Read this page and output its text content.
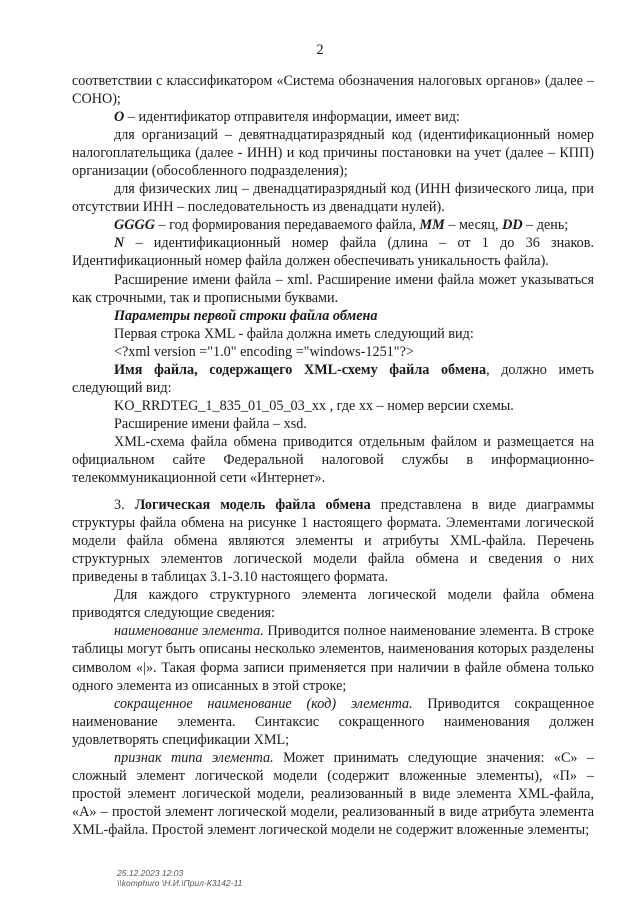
2

соответствии с классификатором «Система обозначения налоговых органов» (далее – СОНО);

O – идентификатор отправителя информации, имеет вид:

для организаций – девятнадцатиразрядный код (идентификационный номер налогоплательщика (далее - ИНН) и код причины постановки на учет (далее – КПП) организации (обособленного подразделения);

для физических лиц – двенадцатиразрядный код (ИНН физического лица, при отсутствии ИНН – последовательность из двенадцати нулей).

GGGG – год формирования передаваемого файла, MM – месяц, DD – день;

N – идентификационный номер файла (длина – от 1 до 36 знаков. Идентификационный номер файла должен обеспечивать уникальность файла).

Расширение имени файла – xml. Расширение имени файла может указываться как строчными, так и прописными буквами.

Параметры первой строки файла обмена

Первая строка XML - файла должна иметь следующий вид:

<?xml version ="1.0" encoding ="windows-1251"?>

Имя файла, содержащего XML-схему файла обмена, должно иметь следующий вид:

KO_RRDTEG_1_835_01_05_03_xx , где хх – номер версии схемы.

Расширение имени файла – xsd.

XML-схема файла обмена приводится отдельным файлом и размещается на официальном сайте Федеральной налоговой службы в информационно-телекоммуникационной сети «Интернет».

3. Логическая модель файла обмена представлена в виде диаграммы структуры файла обмена на рисунке 1 настоящего формата. Элементами логической модели файла обмена являются элементы и атрибуты XML-файла. Перечень структурных элементов логической модели файла обмена и сведения о них приведены в таблицах 3.1-3.10 настоящего формата.

Для каждого структурного элемента логической модели файла обмена приводятся следующие сведения:

наименование элемента. Приводится полное наименование элемента. В строке таблицы могут быть описаны несколько элементов, наименования которых разделены символом «|». Такая форма записи применяется при наличии в файле обмена только одного элемента из описанных в этой строке;

сокращенное наименование (код) элемента. Приводится сокращенное наименование элемента. Синтаксис сокращенного наименования должен удовлетворять спецификации XML;

признак типа элемента. Может принимать следующие значения: «С» – сложный элемент логической модели (содержит вложенные элементы), «П» – простой элемент логической модели, реализованный в виде элемента XML-файла, «А» – простой элемент логической модели, реализованный в виде атрибута элемента XML-файла. Простой элемент логической модели не содержит вложенные элементы;

25.12.2023 12:03
\\komphuro \Н.И.\Прил-К3142-11
